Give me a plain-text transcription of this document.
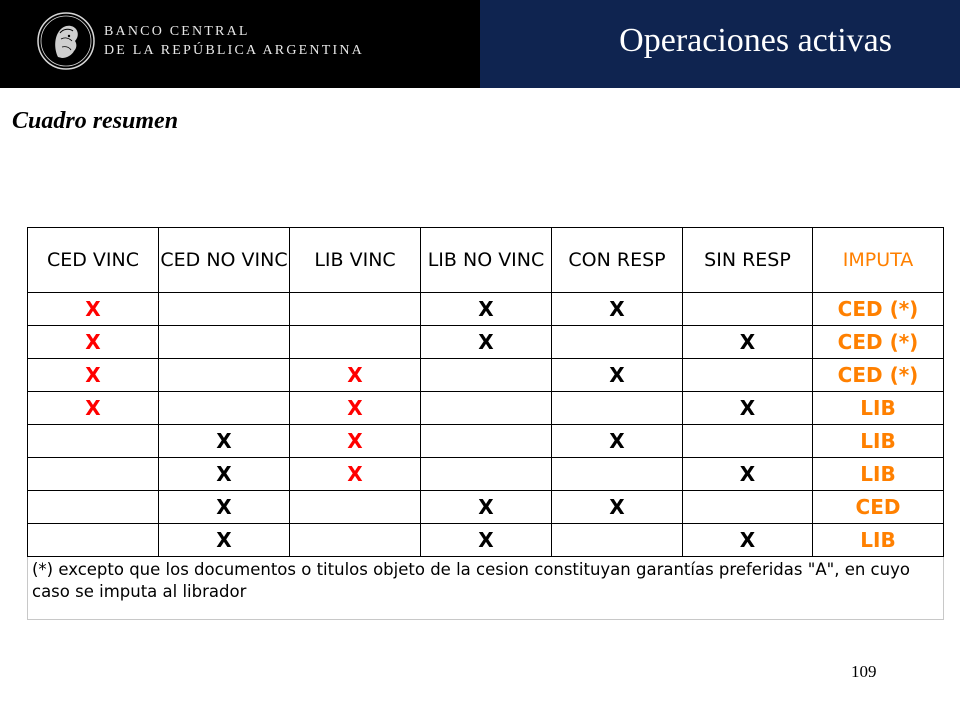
BANCO CENTRAL
DE LA REPÚBLICA ARGENTINA	Operaciones activas
Cuadro resumen
CED VINC	CED NO VINC	LIB VINC	LIB NO VINC	CON RESP	SIN RESP	IMPUTA
X			X	X		CED (*)
X			X		X	CED (*)
X		X		X		CED (*)
X		X			X	LIB
	X	X		X		LIB
	X	X			X	LIB
	X		X	X		CED
	X		X		X	LIB
(*) excepto que los documentos o titulos objeto de la cesion constituyan garantías preferidas "A", en cuyo caso se imputa al librador						
109
